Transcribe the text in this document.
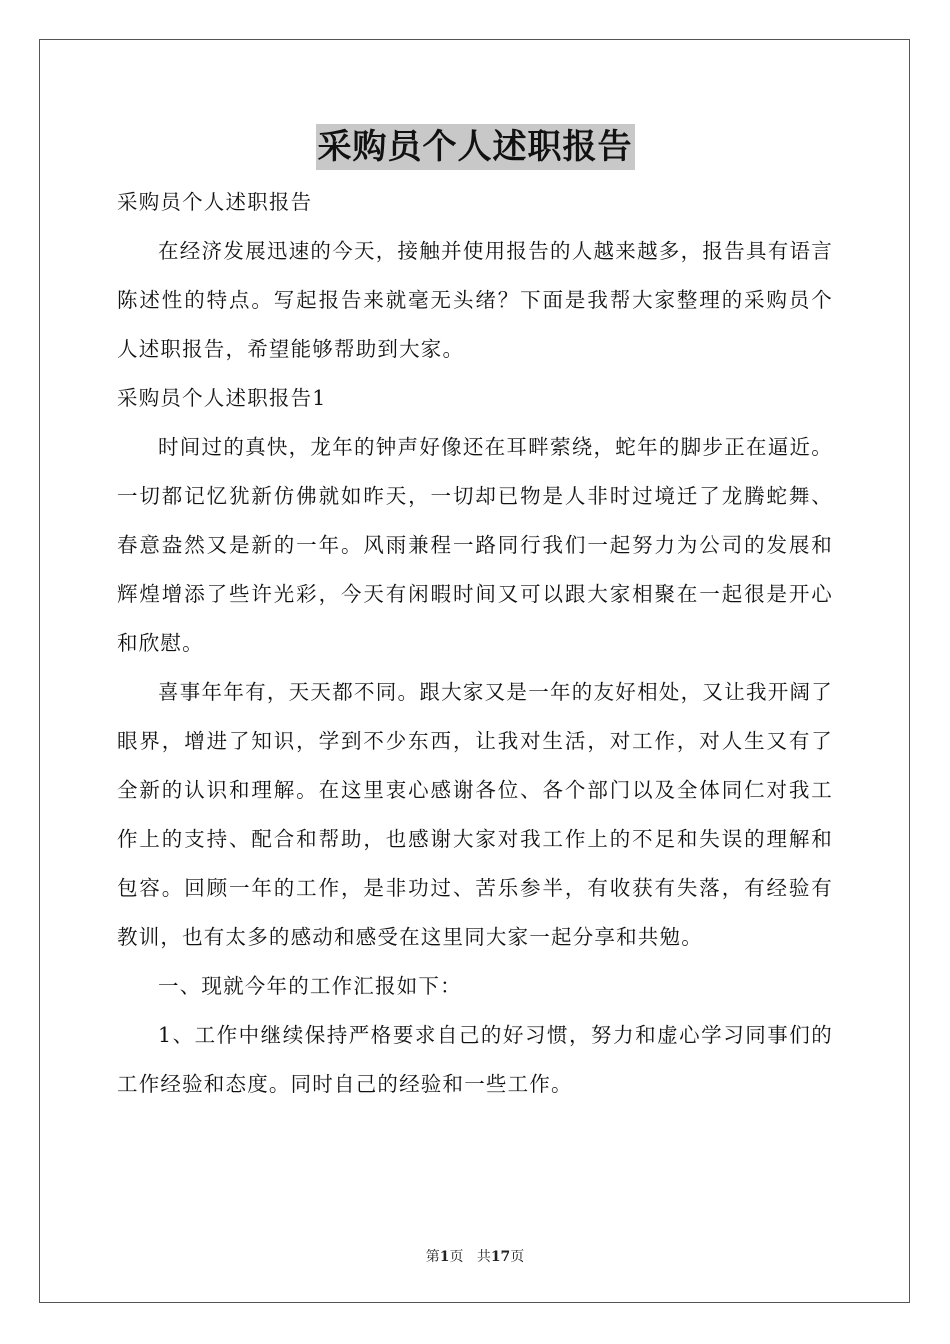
采购员个人述职报告

采购员个人述职报告

在经济发展迅速的今天，接触并使用报告的人越来越多，报告具有语言陈述性的特点。写起报告来就毫无头绪？下面是我帮大家整理的采购员个人述职报告，希望能够帮助到大家。

采购员个人述职报告1

时间过的真快，龙年的钟声好像还在耳畔萦绕，蛇年的脚步正在逼近。一切都记忆犹新仿佛就如昨天，一切却已物是人非时过境迁了龙腾蛇舞、春意盎然又是新的一年。风雨兼程一路同行我们一起努力为公司的发展和辉煌增添了些许光彩，今天有闲暇时间又可以跟大家相聚在一起很是开心和欣慰。

喜事年年有，天天都不同。跟大家又是一年的友好相处，又让我开阔了眼界，增进了知识，学到不少东西，让我对生活，对工作，对人生又有了全新的认识和理解。在这里衷心感谢各位、各个部门以及全体同仁对我工作上的支持、配合和帮助，也感谢大家对我工作上的不足和失误的理解和包容。回顾一年的工作，是非功过、苦乐参半，有收获有失落，有经验有教训，也有太多的感动和感受在这里同大家一起分享和共勉。

一、现就今年的工作汇报如下：

1、工作中继续保持严格要求自己的好习惯，努力和虚心学习同事们的工作经验和态度。同时自己的经验和一些工作。

第1页 共17页
